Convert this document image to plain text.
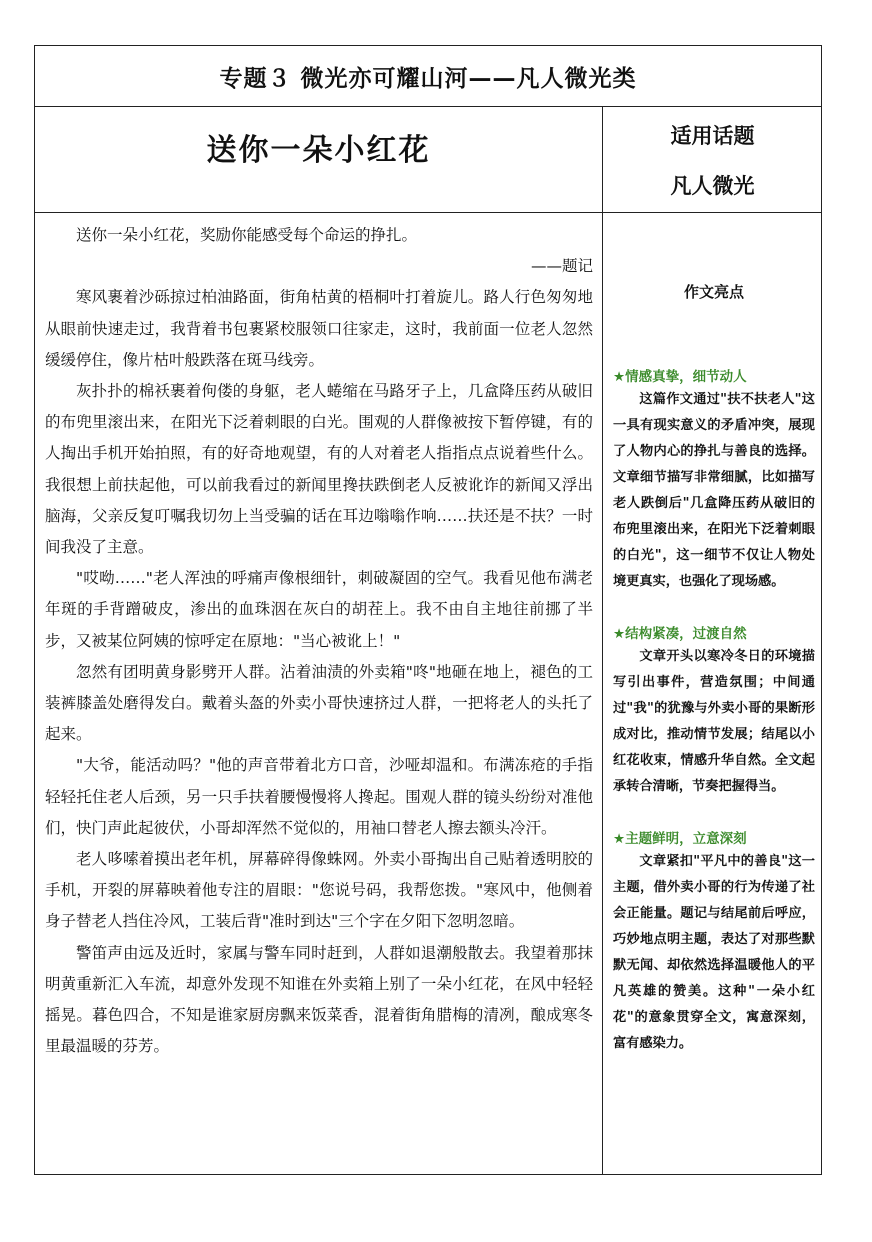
专题３ 微光亦可耀山河——凡人微光类
送你一朵小红花	适用话题
凡人微光

送你一朵小红花，奖励你能感受每个命运的挣扎。

——题记

寒风裹着沙砾掠过柏油路面，街角枯黄的梧桐叶打着旋儿。路人行色匆匆地从眼前快速走过，我背着书包裹紧校服领口往家走，这时，我前面一位老人忽然缓缓停住，像片枯叶般跌落在斑马线旁。

灰扑扑的棉袄裹着佝偻的身躯，老人蜷缩在马路牙子上，几盒降压药从破旧的布兜里滚出来，在阳光下泛着刺眼的白光。围观的人群像被按下暂停键，有的人掏出手机开始拍照，有的好奇地观望，有的人对着老人指指点点说着些什么。我很想上前扶起他，可以前我看过的新闻里搀扶跌倒老人反被讹诈的新闻又浮出脑海，父亲反复叮嘱我切勿上当受骗的话在耳边嗡嗡作响……扶还是不扶？一时间我没了主意。

"哎呦……"老人浑浊的呼痛声像根细针，刺破凝固的空气。我看见他布满老年斑的手背蹭破皮，渗出的血珠洇在灰白的胡茬上。我不由自主地往前挪了半步，又被某位阿姨的惊呼定在原地："当心被讹上！"

忽然有团明黄身影劈开人群。沾着油渍的外卖箱"咚"地砸在地上，褪色的工装裤膝盖处磨得发白。戴着头盔的外卖小哥快速挤过人群，一把将老人的头托了起来。

"大爷，能活动吗？"他的声音带着北方口音，沙哑却温和。布满冻疮的手指轻轻托住老人后颈，另一只手扶着腰慢慢将人搀起。围观人群的镜头纷纷对准他们，快门声此起彼伏，小哥却浑然不觉似的，用袖口替老人擦去额头冷汗。

老人哆嗦着摸出老年机，屏幕碎得像蛛网。外卖小哥掏出自己贴着透明胶的手机，开裂的屏幕映着他专注的眉眼："您说号码，我帮您拨。"寒风中，他侧着身子替老人挡住冷风，工装后背"准时到达"三个字在夕阳下忽明忽暗。

警笛声由远及近时，家属与警车同时赶到，人群如退潮般散去。我望着那抹明黄重新汇入车流，却意外发现不知谁在外卖箱上别了一朵小红花，在风中轻轻摇晃。暮色四合，不知是谁家厨房飘来饭菜香，混着街角腊梅的清冽，酿成寒冬里最温暖的芬芳。

作文亮点
★情感真挚，细节动人
这篇作文通过"扶不扶老人"这一具有现实意义的矛盾冲突，展现了人物内心的挣扎与善良的选择。文章细节描写非常细腻，比如描写老人跌倒后"几盒降压药从破旧的布兜里滚出来，在阳光下泛着刺眼的白光"，这一细节不仅让人物处境更真实，也强化了现场感。
★结构紧凑，过渡自然
文章开头以寒冷冬日的环境描写引出事件，营造氛围；中间通过"我"的犹豫与外卖小哥的果断形成对比，推动情节发展；结尾以小红花收束，情感升华自然。全文起承转合清晰，节奏把握得当。
★主题鲜明，立意深刻
文章紧扣"平凡中的善良"这一主题，借外卖小哥的行为传递了社会正能量。题记与结尾前后呼应，巧妙地点明主题，表达了对那些默默无闻、却依然选择温暖他人的平凡英雄的赞美。这种"一朵小红花"的意象贯穿全文，寓意深刻，富有感染力。
